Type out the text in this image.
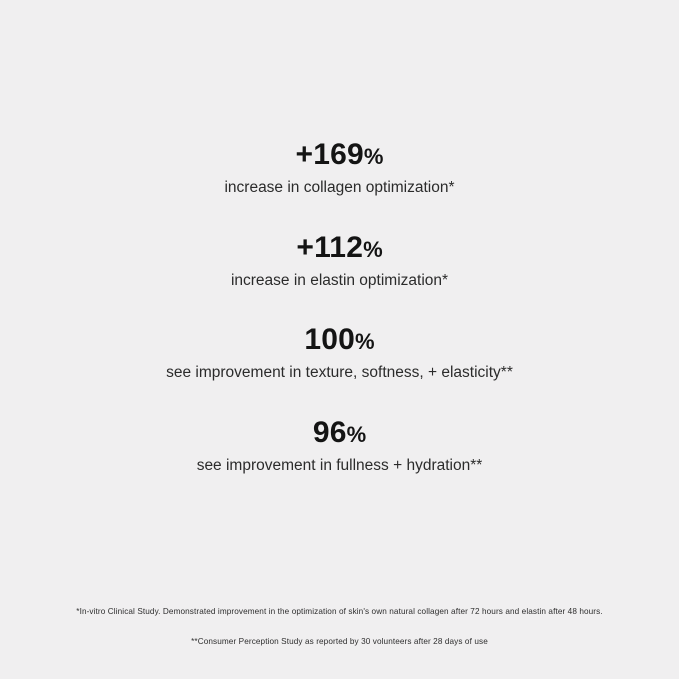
+169%
increase in collagen optimization*
+112%
increase in elastin optimization*
100%
see improvement in texture, softness, + elasticity**
96%
see improvement in fullness + hydration**

*In-vitro Clinical Study. Demonstrated improvement in the optimization of skin's own natural collagen after 72 hours and elastin after 48 hours.

**Consumer Perception Study as reported by 30 volunteers after 28 days of use
